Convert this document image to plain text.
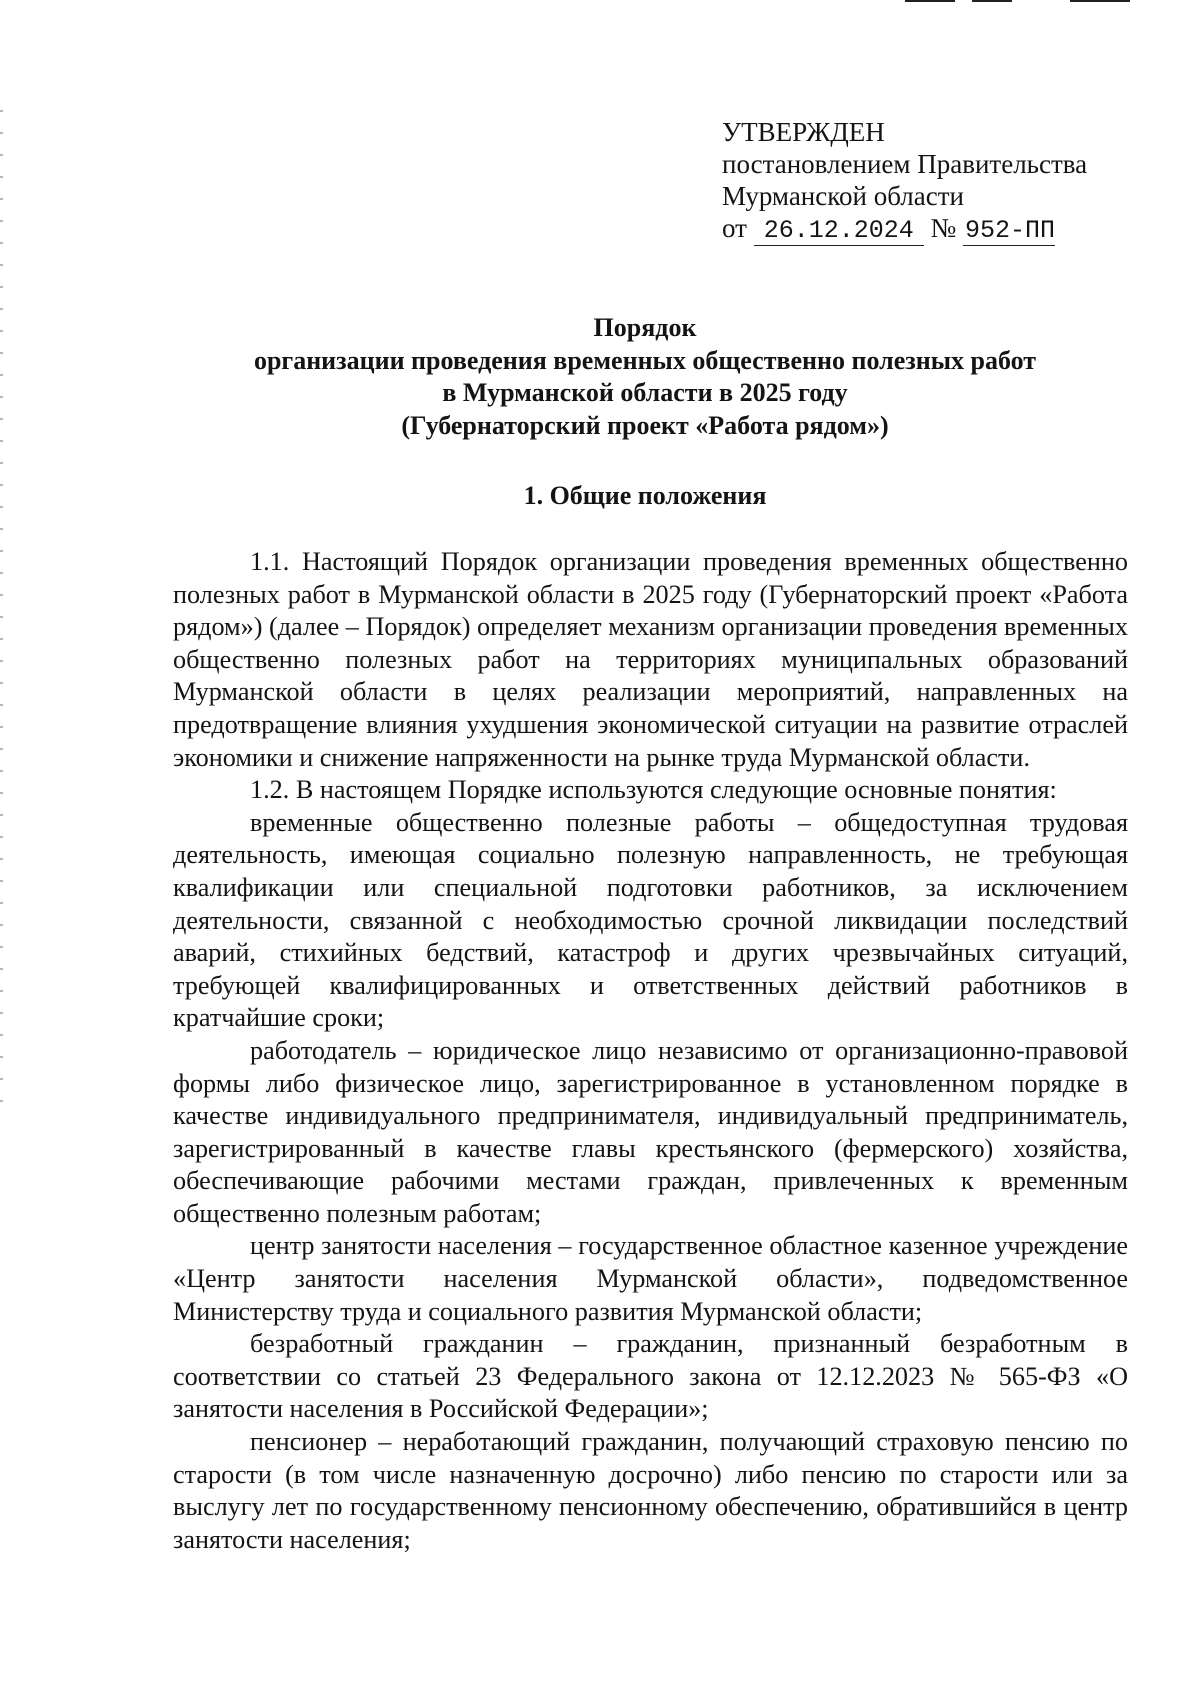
УТВЕРЖДЕН
постановлением Правительства
Мурманской области
от 26.12.2024 № 952-ПП
Порядок
организации проведения временных общественно полезных работ
в Мурманской области в 2025 году
(Губернаторский проект «Работа рядом»)
1. Общие положения

1.1. Настоящий Порядок организации проведения временных общественно полезных работ в Мурманской области в 2025 году (Губернаторский проект «Работа рядом») (далее – Порядок) определяет механизм организации проведения временных общественно полезных работ на территориях муниципальных образований Мурманской области в целях реализации мероприятий, направленных на предотвращение влияния ухудшения экономической ситуации на развитие отраслей экономики и снижение напряженности на рынке труда Мурманской области.

1.2. В настоящем Порядке используются следующие основные понятия:

временные общественно полезные работы – общедоступная трудовая деятельность, имеющая социально полезную направленность, не требующая квалификации или специальной подготовки работников, за исключением деятельности, связанной с необходимостью срочной ликвидации последствий аварий, стихийных бедствий, катастроф и других чрезвычайных ситуаций, требующей квалифицированных и ответственных действий работников в кратчайшие сроки;

работодатель – юридическое лицо независимо от организационно-правовой формы либо физическое лицо, зарегистрированное в установленном порядке в качестве индивидуального предпринимателя, индивидуальный предприниматель, зарегистрированный в качестве главы крестьянского (фермерского) хозяйства, обеспечивающие рабочими местами граждан, привлеченных к временным общественно полезным работам;

центр занятости населения – государственное областное казенное учреждение «Центр занятости населения Мурманской области», подведомственное Министерству труда и социального развития Мурманской области;

безработный гражданин – гражданин, признанный безработным в соответствии со статьей 23 Федерального закона от 12.12.2023 № 565-ФЗ «О занятости населения в Российской Федерации»;

пенсионер – неработающий гражданин, получающий страховую пенсию по старости (в том числе назначенную досрочно) либо пенсию по старости или за выслугу лет по государственному пенсионному обеспечению, обратившийся в центр занятости населения;
